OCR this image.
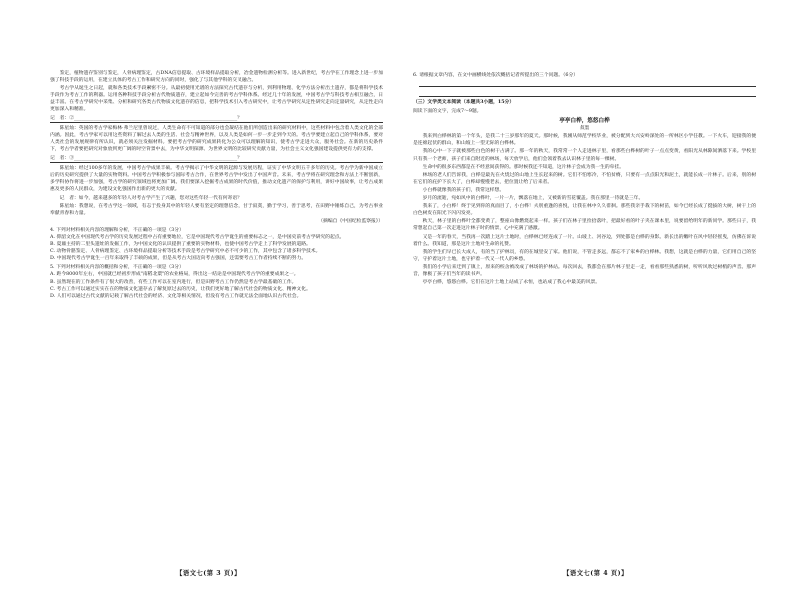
鉴定，植物遗存鉴别与鉴定，人骨病理鉴定，古DNA信息提取、古环境样品提取分析，冶金遗物检测分析等。进入新世纪，考古学在工作理念上进一步加强了科技手段的运用，在建立具体的考古工作和研究方向的同时，强化了与其他学科的交叉融合。

考古学从诞生之日起，就和各类技术手段紧密不分。从最初使用光谱的方法探究古代遗存与分析，到利用物理、化学方法分析出土遗存，都是将科学技术手段作为考古工作的利器。运用各种科技手段分析古代物质遗存，建立起如今完善的考古学科体系。经过几十年的发展，中国考古学与科技考古相互融合，日益丰富。在考古学研究中采集、分析和研究各类古代物质文化遗存的信息，把科学技术引入考古研究中，让考古学研究从定性研究走向定量研究，从定性走向更加深入和精准。

记　者：②____________________________________________________________________？

陈星灿：英国的考古学家梅林·弗兰尼里曾说过，人类生命有不可知道的部分也会凝结在他们所创造出来的研究材料中，这些材料中包含着人类文化的全部内涵。因此，考古学家可以用这些资料了解过去人类的生活、社会与精神世界，以及人类是如何一步一步走到今天的。考古学要建立起自己的学科体系，要对人类社会的发展规律有所认识，就必须关注发掘材料。要把考古学的研究成果转化为公众可以理解的知识，使考古学走进大众，服务社会。在新的历史条件下，考古学者要把研究对象放到更广阔的时空背景中去，为中华文明探源、为世界文明的比较研究贡献力量，为社会主义文化强国建设提供更有力的支撑。

记　者：③____________________________________________________________________？

陈星灿：经过100多年的发展，中国考古学成果丰硕。考古学揭示了中华文明的起源与发展历程，证实了中华文明五千多年的历史。考古学为新中国成立后的历史研究提供了大量的实物资料。中国考古学积极参与国际考古合作，在世界考古学中发出了中国声音。未来，考古学将在研究理念和方法上不断创新，多学科协作将进一步加强，考古学的研究领域也将更加广阔。我们要深入挖掘考古成果的时代价值，推动文化遗产的保护与利用，讲好中国故事，让考古成果惠及更多的人民群众，为建设文化强国作出新的更大的贡献。

记　者：如今，越来越多的年轻人对考古学产生了兴趣，您对这些年轻一代有何寄语？

陈星灿：我想说，在考古学这一领域，有志于投身其中的年轻人要有坚定的理想信念，甘于寂寞，勤于学习，善于思考，在田野中锤炼自己，为考古事业奉献青春和力量。

（摘编自《中国纪检监察报》）

4. 下列对材料相关内容的理解和分析，不正确的一项是（3分）

A. 仰韶文化在中国现代考古学的历史发展过程中占有重要地位，它是中国现代考古学诞生的重要标志之一，是中国史前考古学研究的起点。

B. 夏鼐主持的二里头遗址的发掘工作，为中国文化的认识提供了重要的实物材料，也使中国考古学走上了科学发展的道路。

C. 动物骨骼鉴定、人骨病理鉴定、古环境样品提取分析等技术手段是考古学研究中必不可少的工作，其中包含了诸多科学技术。

D. 中国现代考古学诞生一百年来取得了丰硕的成果，但是从考古大国迈向考古强国，还需要考古工作者持续不断的努力。

5. 下列对材料相关内容的概括和分析，不正确的一项是（3分）

A. 距今8000年左右，中国就已经初步形成"南稻北粟"的农业格局，得出这一结论是中国现代考古学的重要成果之一。

B. 虽然现在的工作条件有了很大的改善，有些工作可以在室内进行，但是田野考古工作仍然是考古学最基础的工作。

C. 考古工作可以通过实实在在的物质文化遗存去了解复原过去的历史，让我们更好地了解古代社会的物质文化、精神文化。

D. 人们可以通过古代文献的记载了解古代社会的经济、文化等相关情况，但没有考古工作就无法全面地认识古代社会。

6. 请根据文章内容，在文中画横线处依次概括记者所提出的三个问题。（6分）

（三）文学类文本阅读（本题共3小题，15分）

阅读下面的文字，完成7～9题。

亭亭白桦，悠悠白桦

叔墨

我来到白桦林的第一个年头，是我二十三岁那年的夏天。那时候，我刚从师范学校毕业，被分配到大兴安岭深处的一所林区小学任教。一下火车，迎接我的便是连绵起伏的群山，和山坡上一望无际的白桦林。

我的心中一下子就被那些白色的树干占满了。那一年的秋天，我常常一个人走进林子里，看那些白桦树的叶子一点点变黄，看阳光从林隙间洒落下来。学校里只有我一个老师，孩子们来自附近的林场，每天放学后，他们会领着我去认识林子里的每一棵树。

生命中的很多东西都是在不经意间获得的。那时候我还不知道，这片林子会成为我一生的牵挂。

林场的老人们告诉我，白桦是最先在火烧过的山地上生长起来的树。它们不怕寒冷，不怕贫瘠，只要有一点点阳光和泥土，就能长成一片林子。后来，别的树在它们的庇护下长大了，白桦却慢慢老去，把位置让给了后来者。

小白桦就像我的孩子们，我常这样想。

岁月的流逝，宛如风中的白桦叶，一片一片，飘落在地上，又被新的雪花覆盖。我在那里一待就是三年。

我来了，小白桦！终于见到你的真面目了，小白桦！夫别重逢的喜悦，让我在林中久久徘徊。那些我亲手栽下的树苗，如今已经长成了挺拔的大树，树干上的白色树皮在阳光下闪闪发亮。

秋天，林子里的白桦叶全都变黄了，整座山像燃烧起来一样。孩子们在林子里捡拾落叶，把最好看的叶子夹在课本里，说要留给明年的新同学。那些日子，我常想起自己第一次走进这片林子时的情景，心中充满了感激。

又是一年的春天，当我再一次踏上这片土地时，白桦林已经连成了一片。山坡上、河谷边，到处都是白桦的身影。新长出的嫩叶在风中轻轻摇曳，仿佛在诉说着什么。我知道，那是这片土地对生命的礼赞。

我的学生们早已长大成人，有的当了护林员，有的在城里安了家。他们说，不管走多远，都忘不了家乡的白桦林。我想，这就是白桦的力量，它们用自己的坚守，守护着这片土地，也守护着一代又一代人的乡愁。

我们的小学后来迁到了镇上，原来的校舍被改成了林场的护林站。每次回去，我都会在那片林子里走一走，看看那些熟悉的树，听听风吹过树梢的声音。那声音，像极了孩子们当年的读书声。

亭亭白桦，悠悠白桦。它们在这片土地上站成了永恒，也站成了我心中最美的风景。

【语文七(第 3 页)】	【语文七(第 4 页)】
